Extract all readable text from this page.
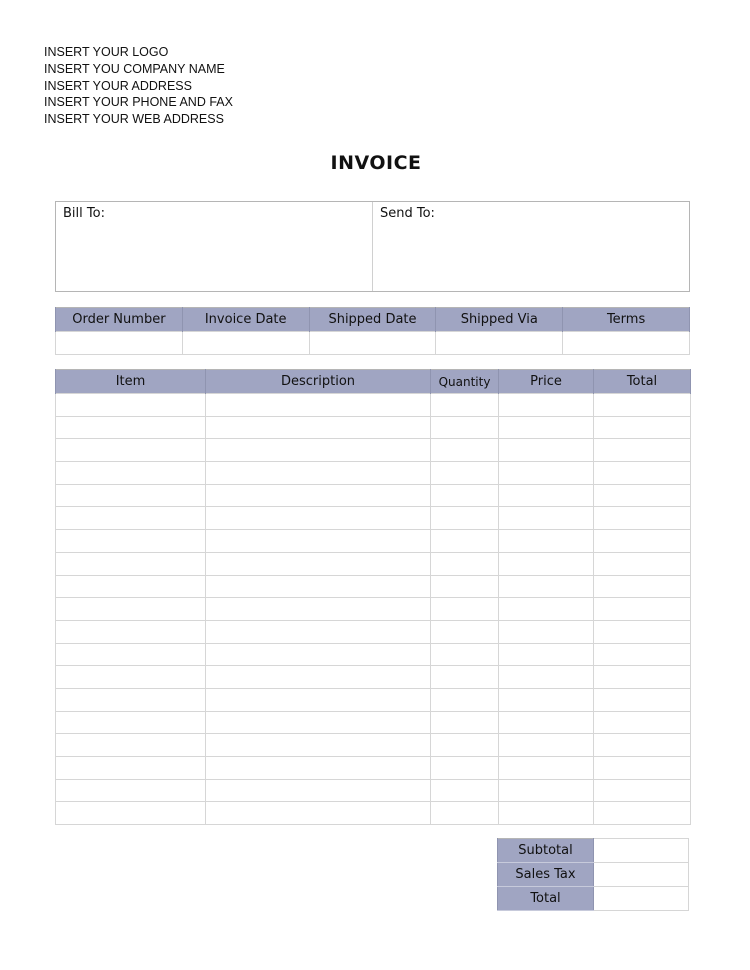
INSERT YOUR LOGO
INSERT YOU COMPANY NAME
INSERT YOUR ADDRESS
INSERT YOUR PHONE AND FAX
INSERT YOUR WEB ADDRESS
INVOICE
Bill To:	Send To:
Order Number	Invoice Date	Shipped Date	Shipped Via	Terms

Item	Description	Quantity	Price	Total

Subtotal	
Sales Tax	
Total	
